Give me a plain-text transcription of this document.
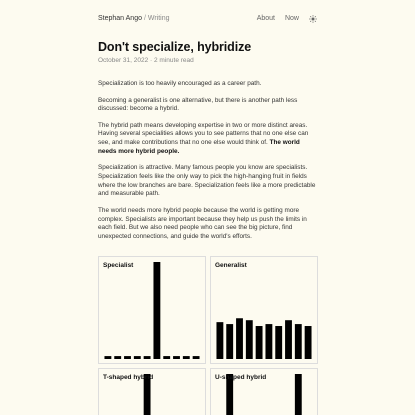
Stephan Ango / Writing	About Now
Don't specialize, hybridize
October 31, 2022 · 2 minute read

Specialization is too heavily encouraged as a career path.

Becoming a generalist is one alternative, but there is another path less discussed: become a hybrid.

The hybrid path means developing expertise in two or more distinct areas. Having several specialities allows you to see patterns that no one else can see, and make contributions that no one else would think of. The world needs more hybrid people.

Specialization is attractive. Many famous people you know are specialists. Specialization feels like the only way to pick the high-hanging fruit in fields where the low branches are bare. Specialization feels like a more predictable and measurable path.

The world needs more hybrid people because the world is getting more complex. Specialists are important because they help us push the limits in each field. But we also need people who can see the big picture, find unexpected connections, and guide the world's efforts.

Specialist	Generalist
T-shaped hybrid	U-shaped hybrid
